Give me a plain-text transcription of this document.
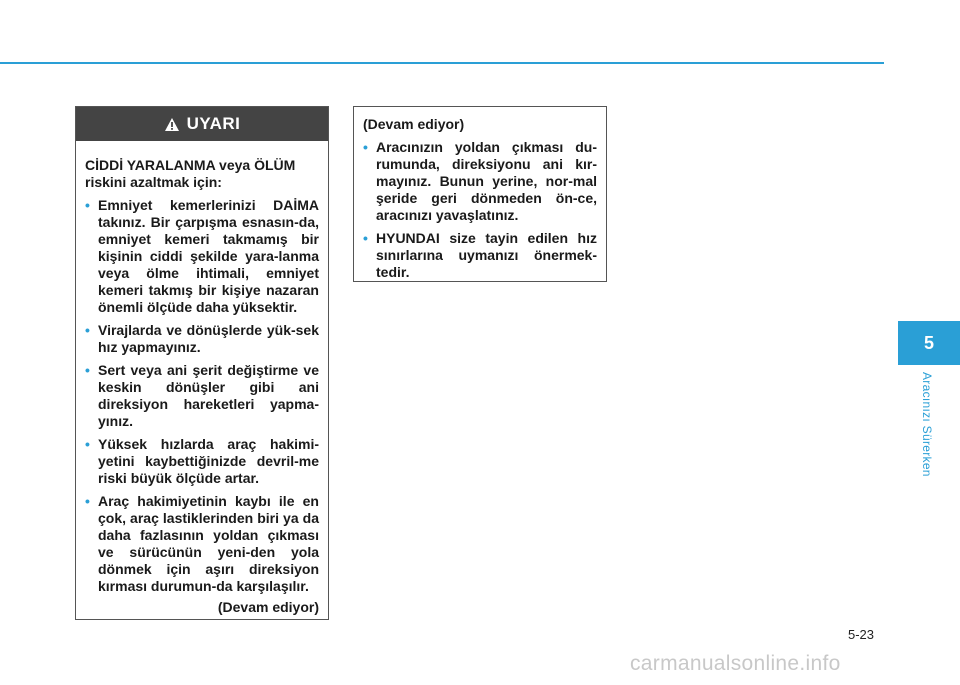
UYARI

CİDDİ YARALANMA veya ÖLÜM riskini azaltmak için:

• Emniyet kemerlerinizi DAİMA takınız. Bir çarpışma esnasın-da, emniyet kemeri takmamış bir kişinin ciddi şekilde yara-lanma veya ölme ihtimali, emniyet kemeri takmış bir kişiye nazaran önemli ölçüde daha yüksektir.
• Virajlarda ve dönüşlerde yük-sek hız yapmayınız.
• Sert veya ani şerit değiştirme ve keskin dönüşler gibi ani direksiyon hareketleri yapma-yınız.
• Yüksek hızlarda araç hakimi-yetini kaybettiğinizde devril-me riski büyük ölçüde artar.
• Araç hakimiyetinin kaybı ile en çok, araç lastiklerinden biri ya da daha fazlasının yoldan çıkması ve sürücünün yeni-den yola dönmek için aşırı direksiyon kırması durumun-da karşılaşılır.
(Devam ediyor)

(Devam ediyor)

• Aracınızın yoldan çıkması du-rumunda, direksiyonu ani kır-mayınız. Bunun yerine, nor-mal şeride geri dönmeden ön-ce, aracınızı yavaşlatınız.
• HYUNDAI size tayin edilen hız sınırlarına uymanızı önermek-tedir.
5
Aracınızı Sürerken
5-23
carmanualsonline.info
